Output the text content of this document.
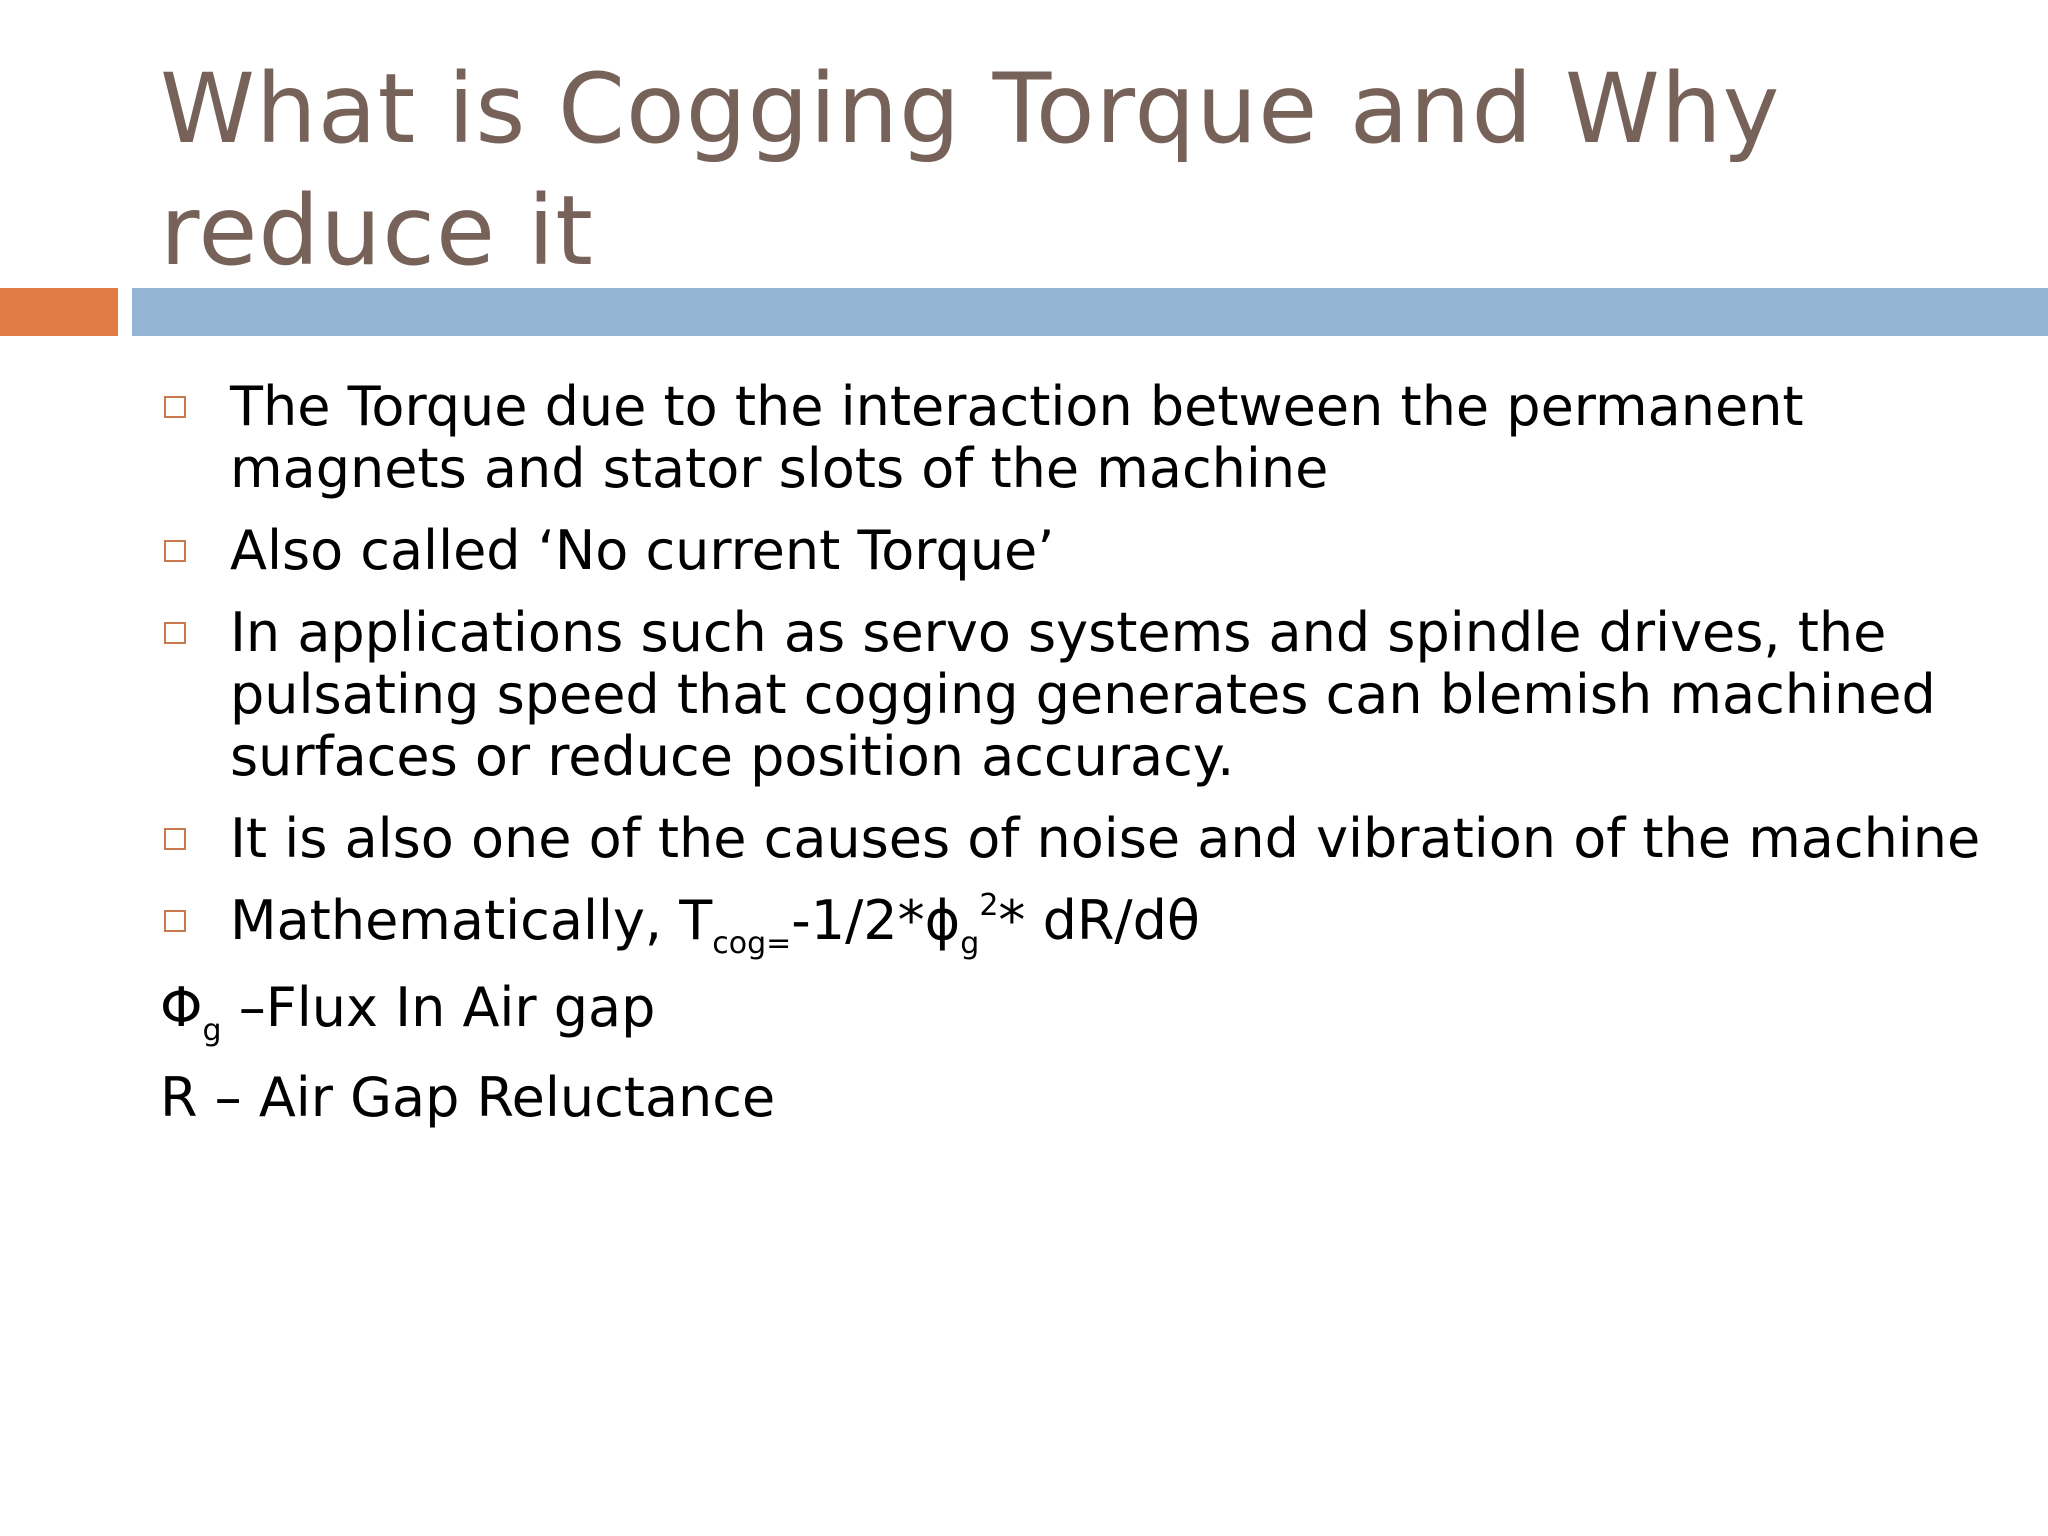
What is Cogging Torque and Why
reduce it
The Torque due to the interaction between the permanent magnets and stator slots of the machine
Also called ‘No current Torque’
In applications such as servo systems and spindle drives, the pulsating speed that cogging generates can blemish machined surfaces or reduce position accuracy.
It is also one of the causes of noise and vibration of the machine
Mathematically, $T_{cog=}-1/2*\phi_g^2*$ dR/dθ
$\Phi_g$ –Flux In Air gap
R – Air Gap Reluctance
